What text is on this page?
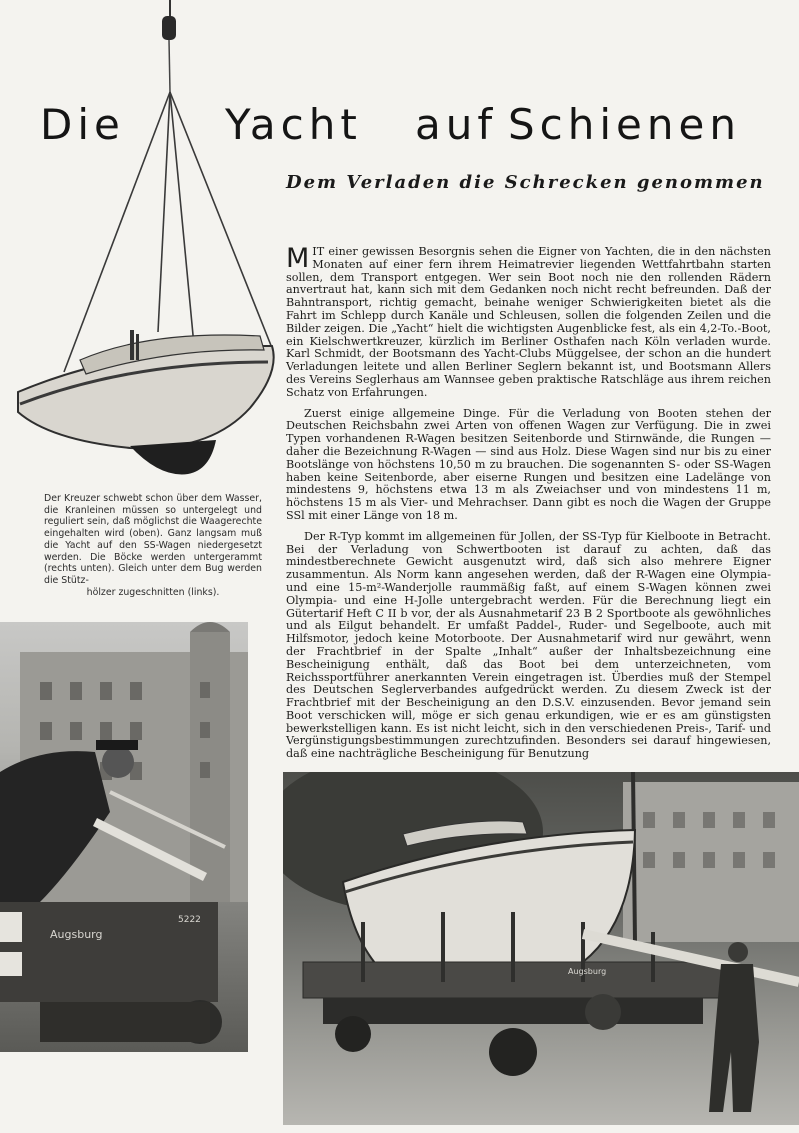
Die Yacht auf Schienen
Dem Verladen die Schrecken genommen
Der Kreuzer schwebt schon über dem Wasser, die Kranleinen müssen so untergelegt und reguliert sein, daß möglichst die Waagerechte eingehalten wird (oben). Ganz langsam muß die Yacht auf den SS-Wagen niedergesetzt werden. Die Böcke werden untergerammt (rechts unten). Gleich unter dem Bug werden die Stütz-
hölzer zugeschnitten (links).

MIT einer gewissen Besorgnis sehen die Eigner von Yachten, die in den nächsten Monaten auf einer fern ihrem Heimatrevier liegenden Wettfahrtbahn starten sollen, dem Transport entgegen. Wer sein Boot noch nie den rollenden Rädern anvertraut hat, kann sich mit dem Gedanken noch nicht recht befreunden. Daß der Bahntransport, richtig gemacht, beinahe weniger Schwierigkeiten bietet als die Fahrt im Schlepp durch Kanäle und Schleusen, sollen die folgenden Zeilen und die Bilder zeigen. Die „Yacht“ hielt die wichtigsten Augenblicke fest, als ein 4,2-To.-Boot, ein Kielschwertkreuzer, kürzlich im Berliner Osthafen nach Köln verladen wurde. Karl Schmidt, der Bootsmann des Yacht-Clubs Müggelsee, der schon an die hundert Verladungen leitete und allen Berliner Seglern bekannt ist, und Bootsmann Allers des Vereins Seglerhaus am Wannsee geben praktische Ratschläge aus ihrem reichen Schatz von Erfahrungen.

Zuerst einige allgemeine Dinge. Für die Verladung von Booten stehen der Deutschen Reichsbahn zwei Arten von offenen Wagen zur Verfügung. Die in zwei Typen vorhandenen R-Wagen besitzen Seitenborde und Stirnwände, die Rungen — daher die Bezeichnung R-Wagen — sind aus Holz. Diese Wagen sind nur bis zu einer Bootslänge von höchstens 10,50 m zu brauchen. Die sogenannten S- oder SS-Wagen haben keine Seitenborde, aber eiserne Rungen und besitzen eine Ladelänge von mindestens 9, höchstens etwa 13 m als Zweiachser und von mindestens 11 m, höchstens 15 m als Vier- und Mehrachser. Dann gibt es noch die Wagen der Gruppe SSl mit einer Länge von 18 m.

Der R-Typ kommt im allgemeinen für Jollen, der SS-Typ für Kielboote in Betracht. Bei der Verladung von Schwertbooten ist darauf zu achten, daß das mindestberechnete Gewicht ausgenutzt wird, daß sich also mehrere Eigner zusammentun. Als Norm kann angesehen werden, daß der R-Wagen eine Olympia- und eine 15-m²-Wanderjolle raummäßig faßt, auf einem S-Wagen können zwei Olympia- und eine H-Jolle untergebracht werden. Für die Berechnung liegt ein Gütertarif Heft C II b vor, der als Ausnahmetarif 23 B 2 Sportboote als gewöhnliches und als Eilgut behandelt. Er umfaßt Paddel-, Ruder- und Segelboote, auch mit Hilfsmotor, jedoch keine Motorboote. Der Ausnahmetarif wird nur gewährt, wenn der Frachtbrief in der Spalte „Inhalt“ außer der Inhaltsbezeichnung eine Bescheinigung enthält, daß das Boot bei dem unterzeichneten, vom Reichssportführer anerkannten Verein eingetragen ist. Überdies muß der Stempel des Deutschen Seglerverbandes aufgedrückt werden. Zu diesem Zweck ist der Frachtbrief mit der Bescheinigung an den D.S.V. einzusenden. Bevor jemand sein Boot verschicken will, möge er sich genau erkundigen, wie er es am günstigsten bewerkstelligen kann. Es ist nicht leicht, sich in den verschiedenen Preis-, Tarif- und Vergünstigungsbestimmungen zurechtzufinden. Besonders sei darauf hingewiesen, daß eine nachträgliche Bescheinigung für Benutzung

Augsburg
5222
Augsburg
